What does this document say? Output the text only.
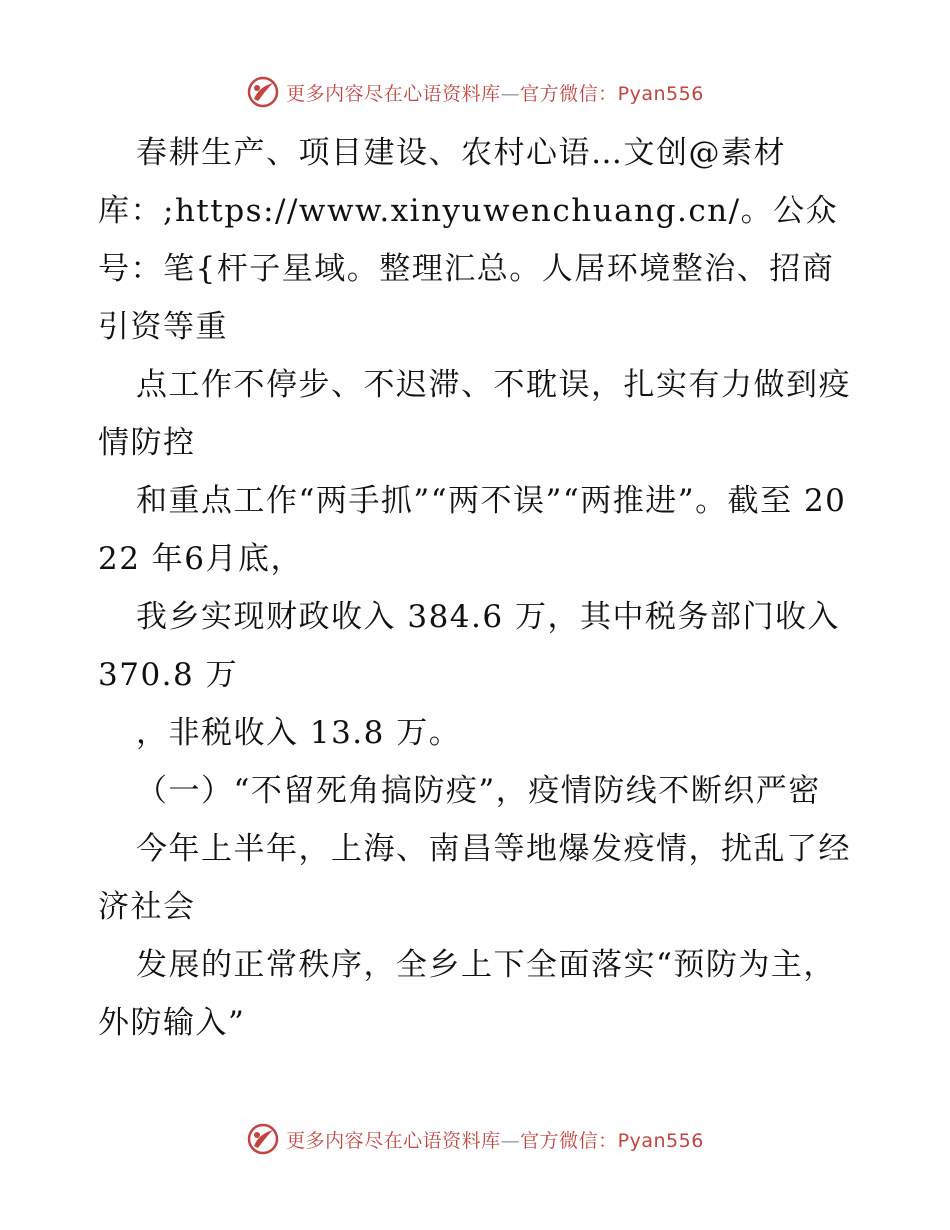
更多内容尽在心语资料库—官方微信：Pyan556

春耕生产、项目建设、农村心语…文创@素材库：;https://www.xinyuwenchuang.cn/。公众号：笔{杆子星域。整理汇总。人居环境整治、招商引资等重

点工作不停步、不迟滞、不耽误，扎实有力做到疫情防控

和重点工作“两手抓”“两不误”“两推进”。截至 2022 年6月底，

我乡实现财政收入 384.6 万，其中税务部门收入 370.8 万

，非税收入 13.8 万。

（一）“不留死角搞防疫”，疫情防线不断织严密

今年上半年，上海、南昌等地爆发疫情，扰乱了经济社会

发展的正常秩序，全乡上下全面落实“预防为主，外防输入”

更多内容尽在心语资料库—官方微信：Pyan556
